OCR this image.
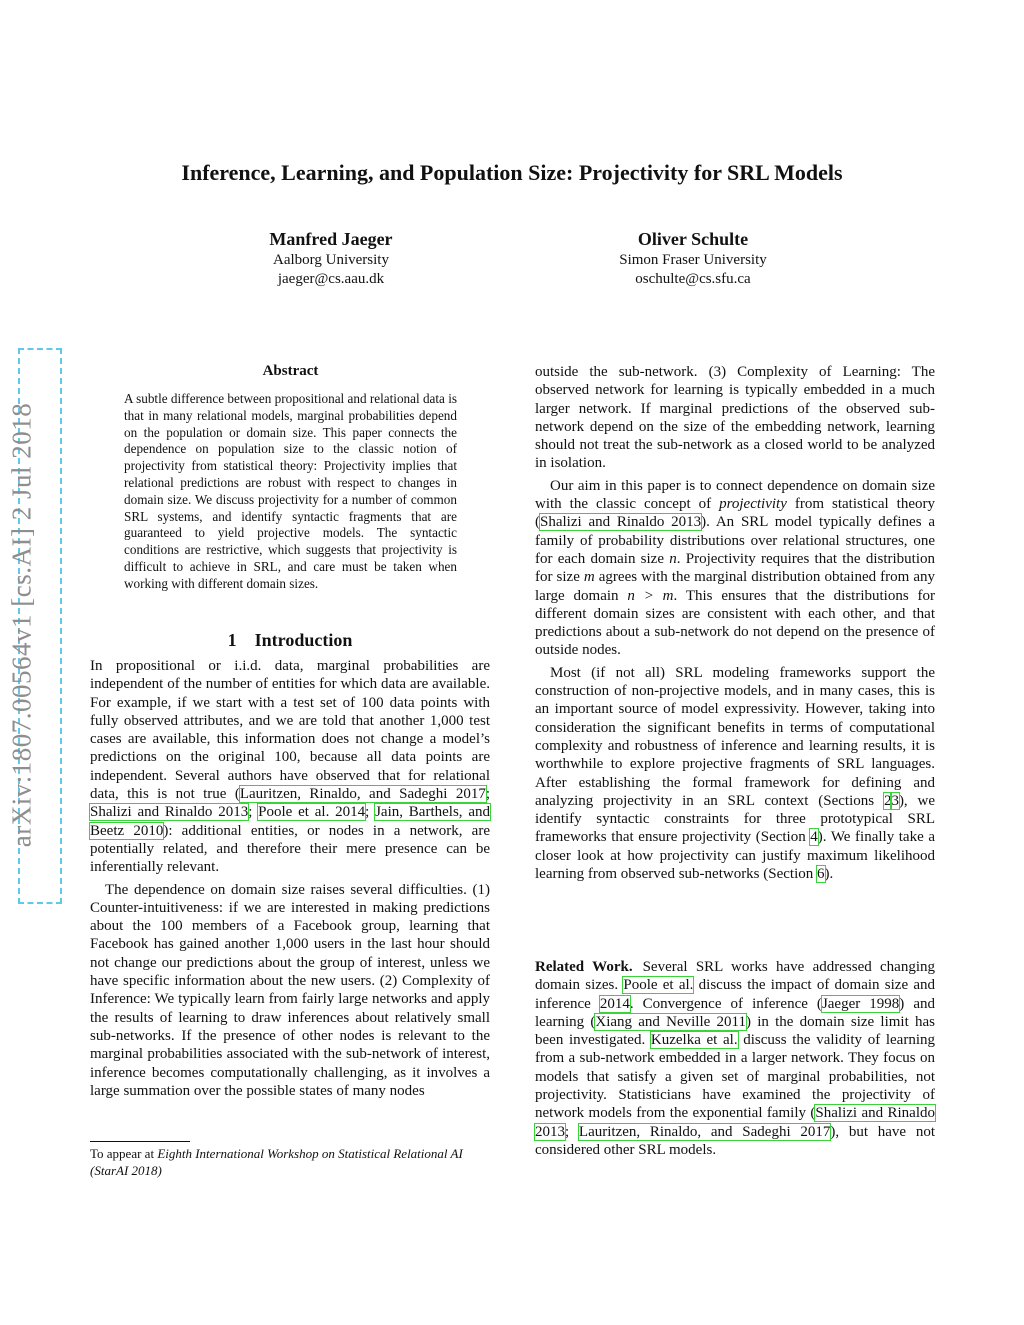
arXiv:1807.00564v1 [cs.AI] 2 Jul 2018
Inference, Learning, and Population Size: Projectivity for SRL Models
Manfred Jaeger
Aalborg University
jaeger@cs.aau.dk
Oliver Schulte
Simon Fraser University
oschulte@cs.sfu.ca
Abstract
A subtle difference between propositional and relational data is that in many relational models, marginal probabilities depend on the population or domain size. This paper connects the dependence on population size to the classic notion of projectivity from statistical theory: Projectivity implies that relational predictions are robust with respect to changes in domain size. We discuss projectivity for a number of common SRL systems, and identify syntactic fragments that are guaranteed to yield projective models. The syntactic conditions are restrictive, which suggests that projectivity is difficult to achieve in SRL, and care must be taken when working with different domain sizes.
1 Introduction

In propositional or i.i.d. data, marginal probabilities are independent of the number of entities for which data are available. For example, if we start with a test set of 100 data points with fully observed attributes, and we are told that another 1,000 test cases are available, this information does not change a model’s predictions on the original 100, because all data points are independent. Several authors have observed that for relational data, this is not true (Lauritzen, Rinaldo, and Sadeghi 2017; Shalizi and Rinaldo 2013; Poole et al. 2014; Jain, Barthels, and Beetz 2010): additional entities, or nodes in a network, are potentially related, and therefore their mere presence can be inferentially relevant.

The dependence on domain size raises several difficulties. (1) Counter-intuitiveness: if we are interested in making predictions about the 100 members of a Facebook group, learning that Facebook has gained another 1,000 users in the last hour should not change our predictions about the group of interest, unless we have specific information about the new users. (2) Complexity of Inference: We typically learn from fairly large networks and apply the results of learning to draw inferences about relatively small sub-networks. If the presence of other nodes is relevant to the marginal probabilities associated with the sub-network of interest, inference becomes computationally challenging, as it involves a large summation over the possible states of many nodes

To appear at Eighth International Workshop on Statistical Relational AI (StarAI 2018)

outside the sub-network. (3) Complexity of Learning: The observed network for learning is typically embedded in a much larger network. If marginal predictions of the observed sub-network depend on the size of the embedding network, learning should not treat the sub-network as a closed world to be analyzed in isolation.

Our aim in this paper is to connect dependence on domain size with the classic concept of projectivity from statistical theory (Shalizi and Rinaldo 2013). An SRL model typically defines a family of probability distributions over relational structures, one for each domain size n. Projectivity requires that the distribution for size m agrees with the marginal distribution obtained from any large domain n > m. This ensures that the distributions for different domain sizes are consistent with each other, and that predictions about a sub-network do not depend on the presence of outside nodes.

Most (if not all) SRL modeling frameworks support the construction of non-projective models, and in many cases, this is an important source of model expressivity. However, taking into consideration the significant benefits in terms of computational complexity and robustness of inference and learning results, it is worthwhile to explore projective fragments of SRL languages. After establishing the formal framework for defining and analyzing projectivity in an SRL context (Sections 23), we identify syntactic constraints for three prototypical SRL frameworks that ensure projectivity (Section 4). We finally take a closer look at how projectivity can justify maximum likelihood learning from observed sub-networks (Section 6).

Related Work. Several SRL works have addressed changing domain sizes. Poole et al. discuss the impact of domain size and inference 2014. Convergence of inference (Jaeger 1998) and learning (Xiang and Neville 2011) in the domain size limit has been investigated. Kuzelka et al. discuss the validity of learning from a sub-network embedded in a larger network. They focus on models that satisfy a given set of marginal probabilities, not projectivity. Statisticians have examined the projectivity of network models from the exponential family (Shalizi and Rinaldo 2013; Lauritzen, Rinaldo, and Sadeghi 2017), but have not considered other SRL models.
